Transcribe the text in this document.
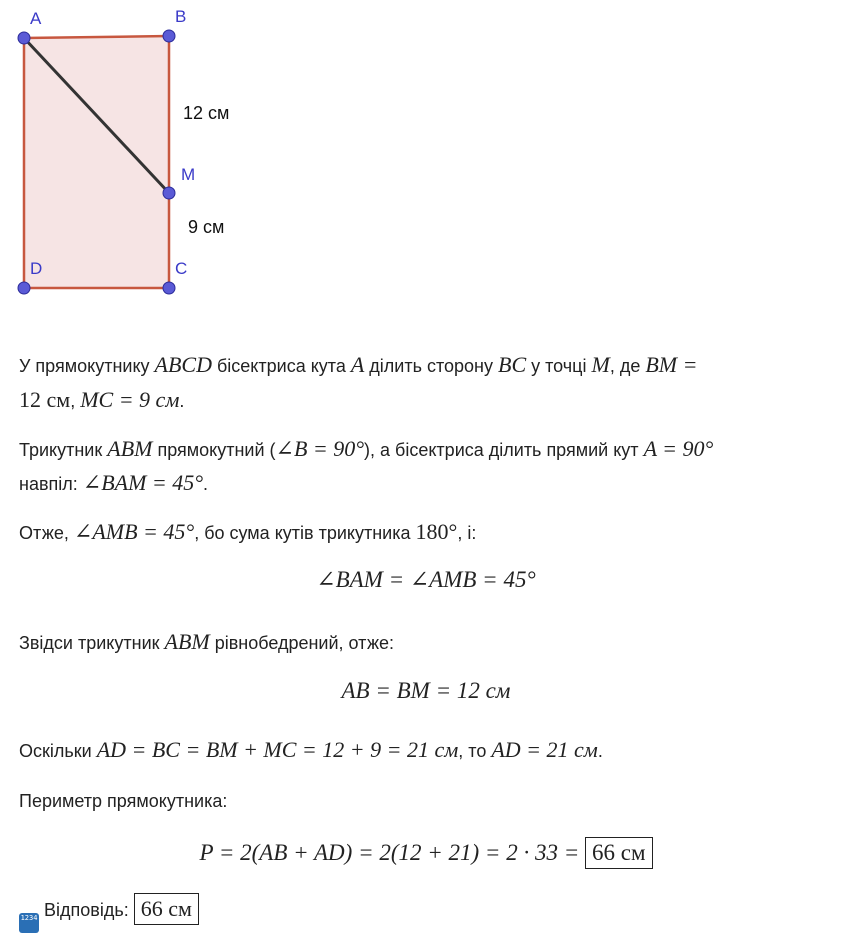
A	B
M
C
D
12 см
9 см
У прямокутнику ABCD бісектриса кута A ділить сторону BC у точці M, де BM =
12 см, MC = 9 см.
Трикутник ABM прямокутний (∠B = 90°), а бісектриса ділить прямий кут A = 90°
навпіл: ∠BAM = 45°.
Отже, ∠AMB = 45°, бо сума кутів трикутника 180°, і:
∠BAM = ∠AMB = 45°
Звідси трикутник ABM рівнобедрений, отже:
AB = BM = 12 см
Оскільки AD = BC = BM + MC = 12 + 9 = 21 см, то AD = 21 см.
Периметр прямокутника:
P = 2(AB + AD) = 2(12 + 21) = 2 · 33 = 66 см
1234 Відповідь: 66 см
